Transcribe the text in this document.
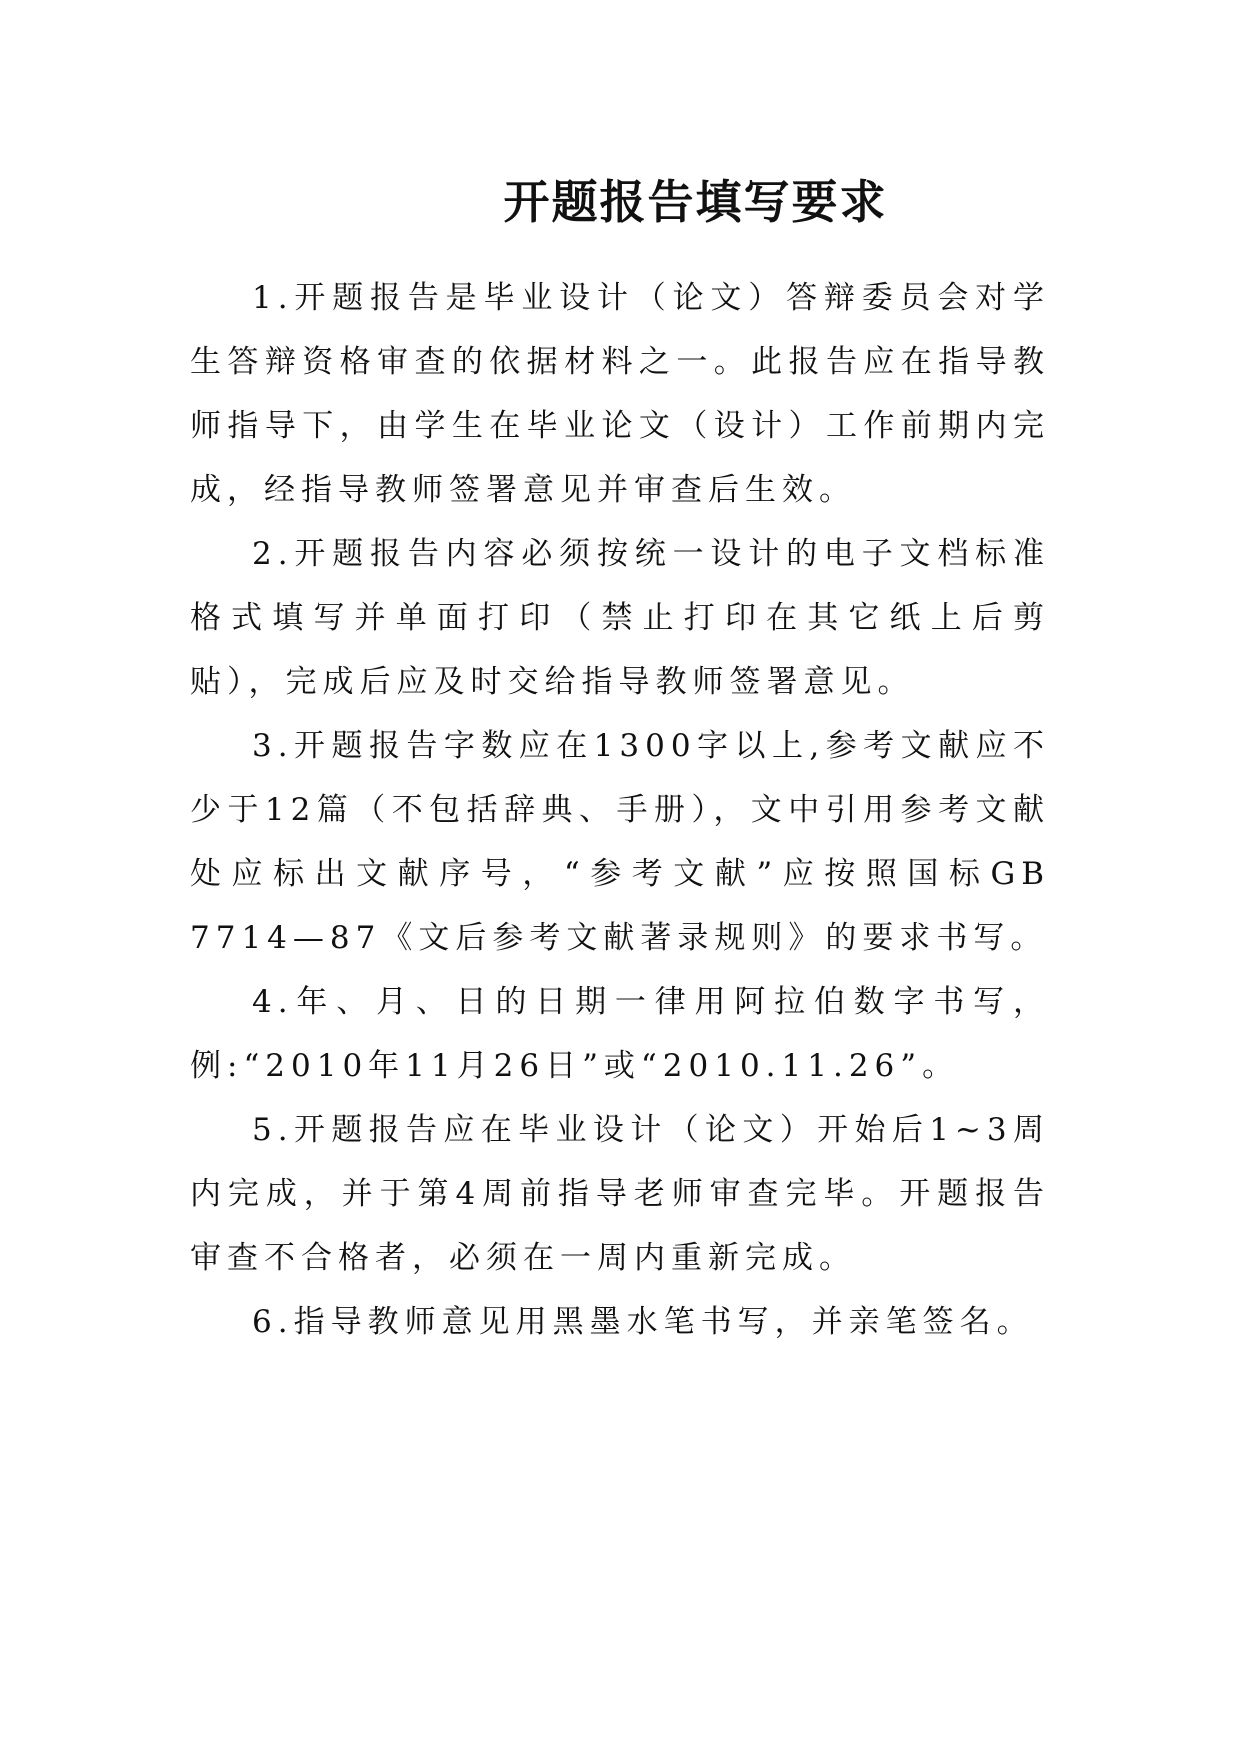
开题报告填写要求

1.开题报告是毕业设计（论文）答辩委员会对学生答辩资格审查的依据材料之一。此报告应在指导教师指导下，由学生在毕业论文（设计）工作前期内完成，经指导教师签署意见并审查后生效。

2.开题报告内容必须按统一设计的电子文档标准格式填写并单面打印（禁止打印在其它纸上后剪贴），完成后应及时交给指导教师签署意见。

3.开题报告字数应在1300字以上,参考文献应不少于12篇（不包括辞典、手册），文中引用参考文献处应标出文献序号，“参考文献”应按照国标GB 7714—87《文后参考文献著录规则》的要求书写。

4.年、月、日的日期一律用阿拉伯数字书写，例:“2010年11月26日”或“2010.11.26”。

5.开题报告应在毕业设计（论文）开始后1~3周内完成，并于第4周前指导老师审查完毕。开题报告审查不合格者，必须在一周内重新完成。

6.指导教师意见用黑墨水笔书写，并亲笔签名。
